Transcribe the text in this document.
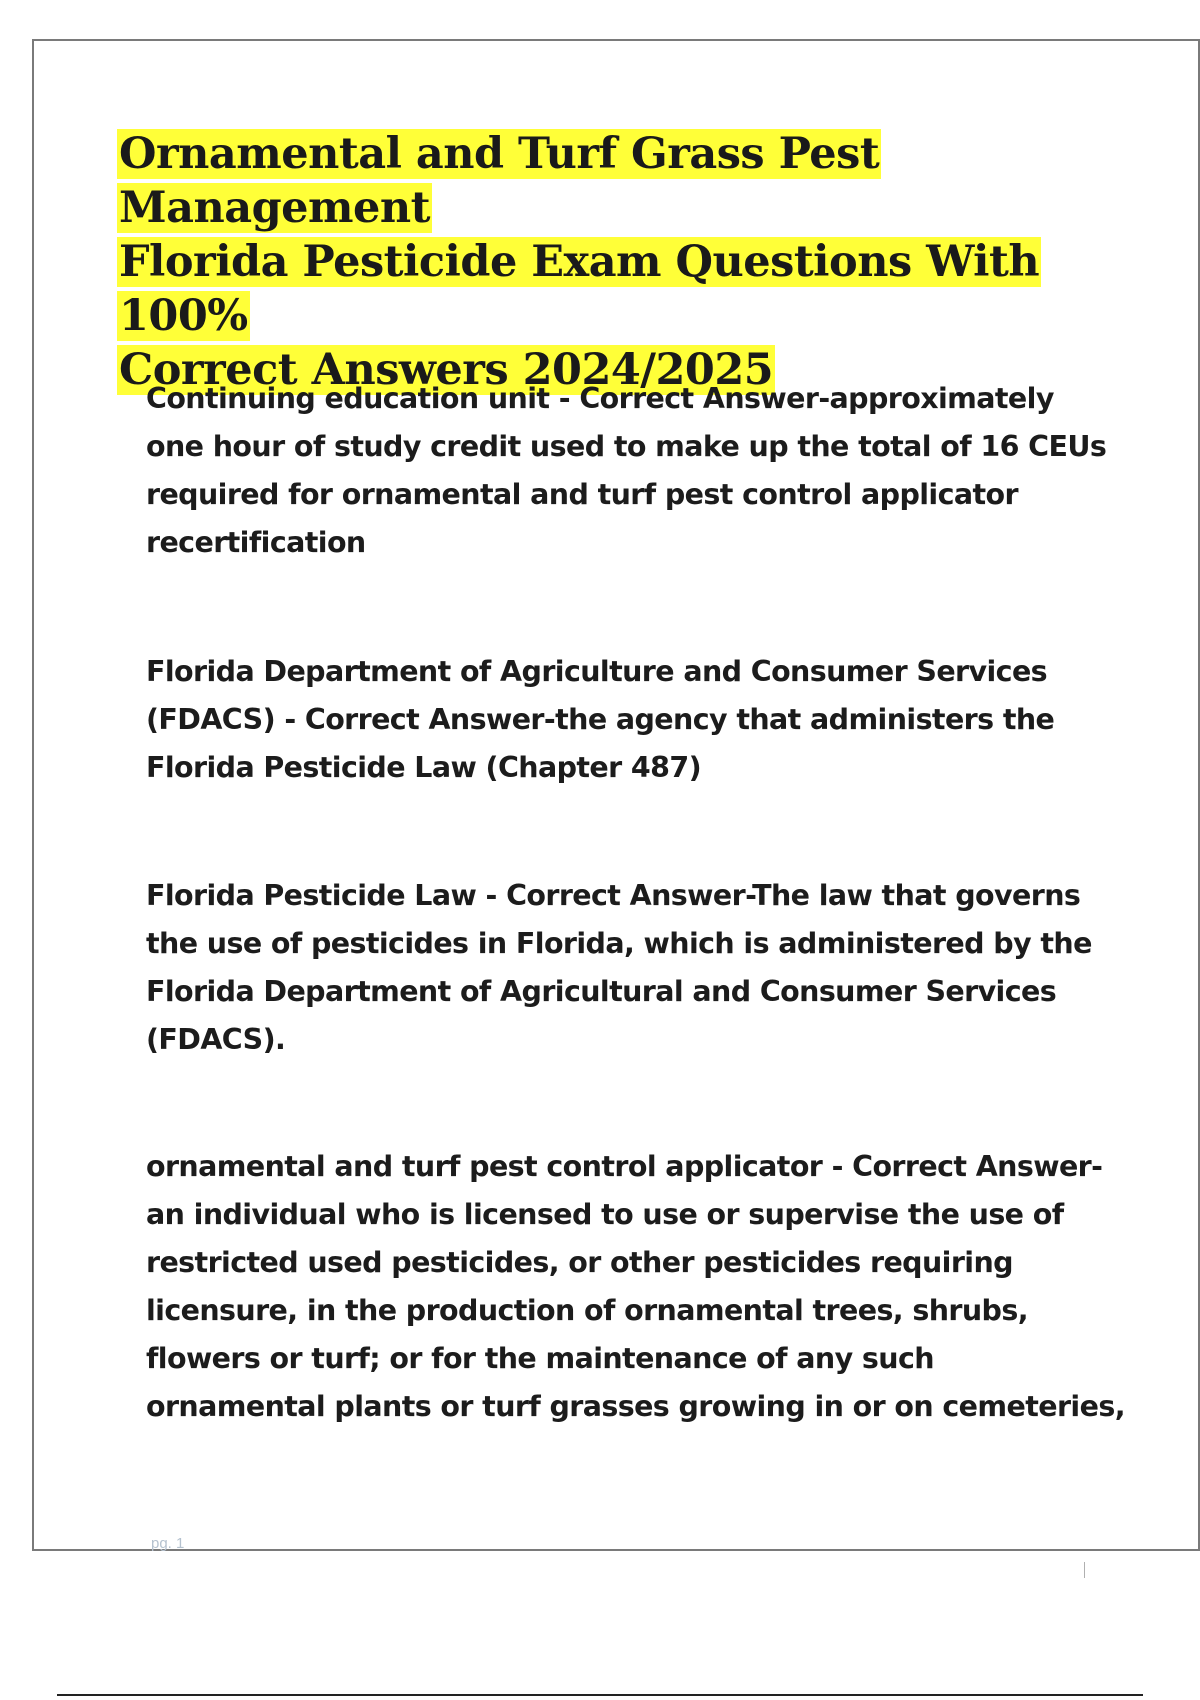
Ornamental and Turf Grass Pest Management
Florida Pesticide Exam Questions With 100%
Correct Answers 2024/2025

Continuing education unit - Correct Answer-approximately
one hour of study credit used to make up the total of 16 CEUs
required for ornamental and turf pest control applicator
recertification

Florida Department of Agriculture and Consumer Services
(FDACS) - Correct Answer-the agency that administers the
Florida Pesticide Law (Chapter 487)

Florida Pesticide Law - Correct Answer-The law that governs
the use of pesticides in Florida, which is administered by the
Florida Department of Agricultural and Consumer Services
(FDACS).

ornamental and turf pest control applicator - Correct Answer-
an individual who is licensed to use or supervise the use of
restricted used pesticides, or other pesticides requiring
licensure, in the production of ornamental trees, shrubs,
flowers or turf; or for the maintenance of any such
ornamental plants or turf grasses growing in or on cemeteries,

pg. 1
